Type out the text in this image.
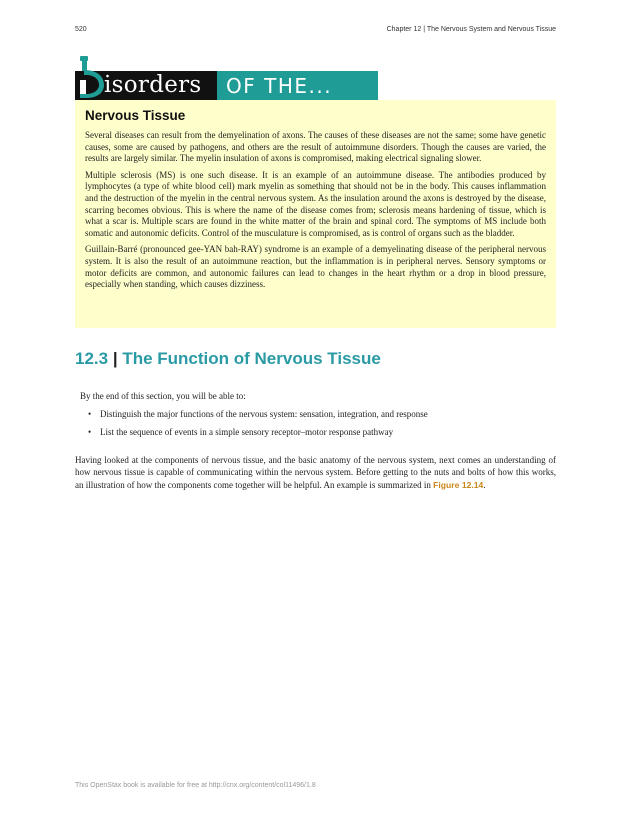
520	Chapter 12 | The Nervous System and Nervous Tissue
isorders OF THE...
Nervous Tissue

Several diseases can result from the demyelination of axons. The causes of these diseases are not the same; some have genetic causes, some are caused by pathogens, and others are the result of autoimmune disorders. Though the causes are varied, the results are largely similar. The myelin insulation of axons is compromised, making electrical signaling slower.

Multiple sclerosis (MS) is one such disease. It is an example of an autoimmune disease. The antibodies produced by lymphocytes (a type of white blood cell) mark myelin as something that should not be in the body. This causes inflammation and the destruction of the myelin in the central nervous system. As the insulation around the axons is destroyed by the disease, scarring becomes obvious. This is where the name of the disease comes from; sclerosis means hardening of tissue, which is what a scar is. Multiple scars are found in the white matter of the brain and spinal cord. The symptoms of MS include both somatic and autonomic deficits. Control of the musculature is compromised, as is control of organs such as the bladder.

Guillain-Barré (pronounced gee-YAN bah-RAY) syndrome is an example of a demyelinating disease of the peripheral nervous system. It is also the result of an autoimmune reaction, but the inflammation is in peripheral nerves. Sensory symptoms or motor deficits are common, and autonomic failures can lead to changes in the heart rhythm or a drop in blood pressure, especially when standing, which causes dizziness.

12.3 | The Function of Nervous Tissue

By the end of this section, you will be able to:

• Distinguish the major functions of the nervous system: sensation, integration, and response
• List the sequence of events in a simple sensory receptor–motor response pathway

Having looked at the components of nervous tissue, and the basic anatomy of the nervous system, next comes an understanding of how nervous tissue is capable of communicating within the nervous system. Before getting to the nuts and bolts of how this works, an illustration of how the components come together will be helpful. An example is summarized in Figure 12.14.

This OpenStax book is available for free at http://cnx.org/content/col11496/1.8
